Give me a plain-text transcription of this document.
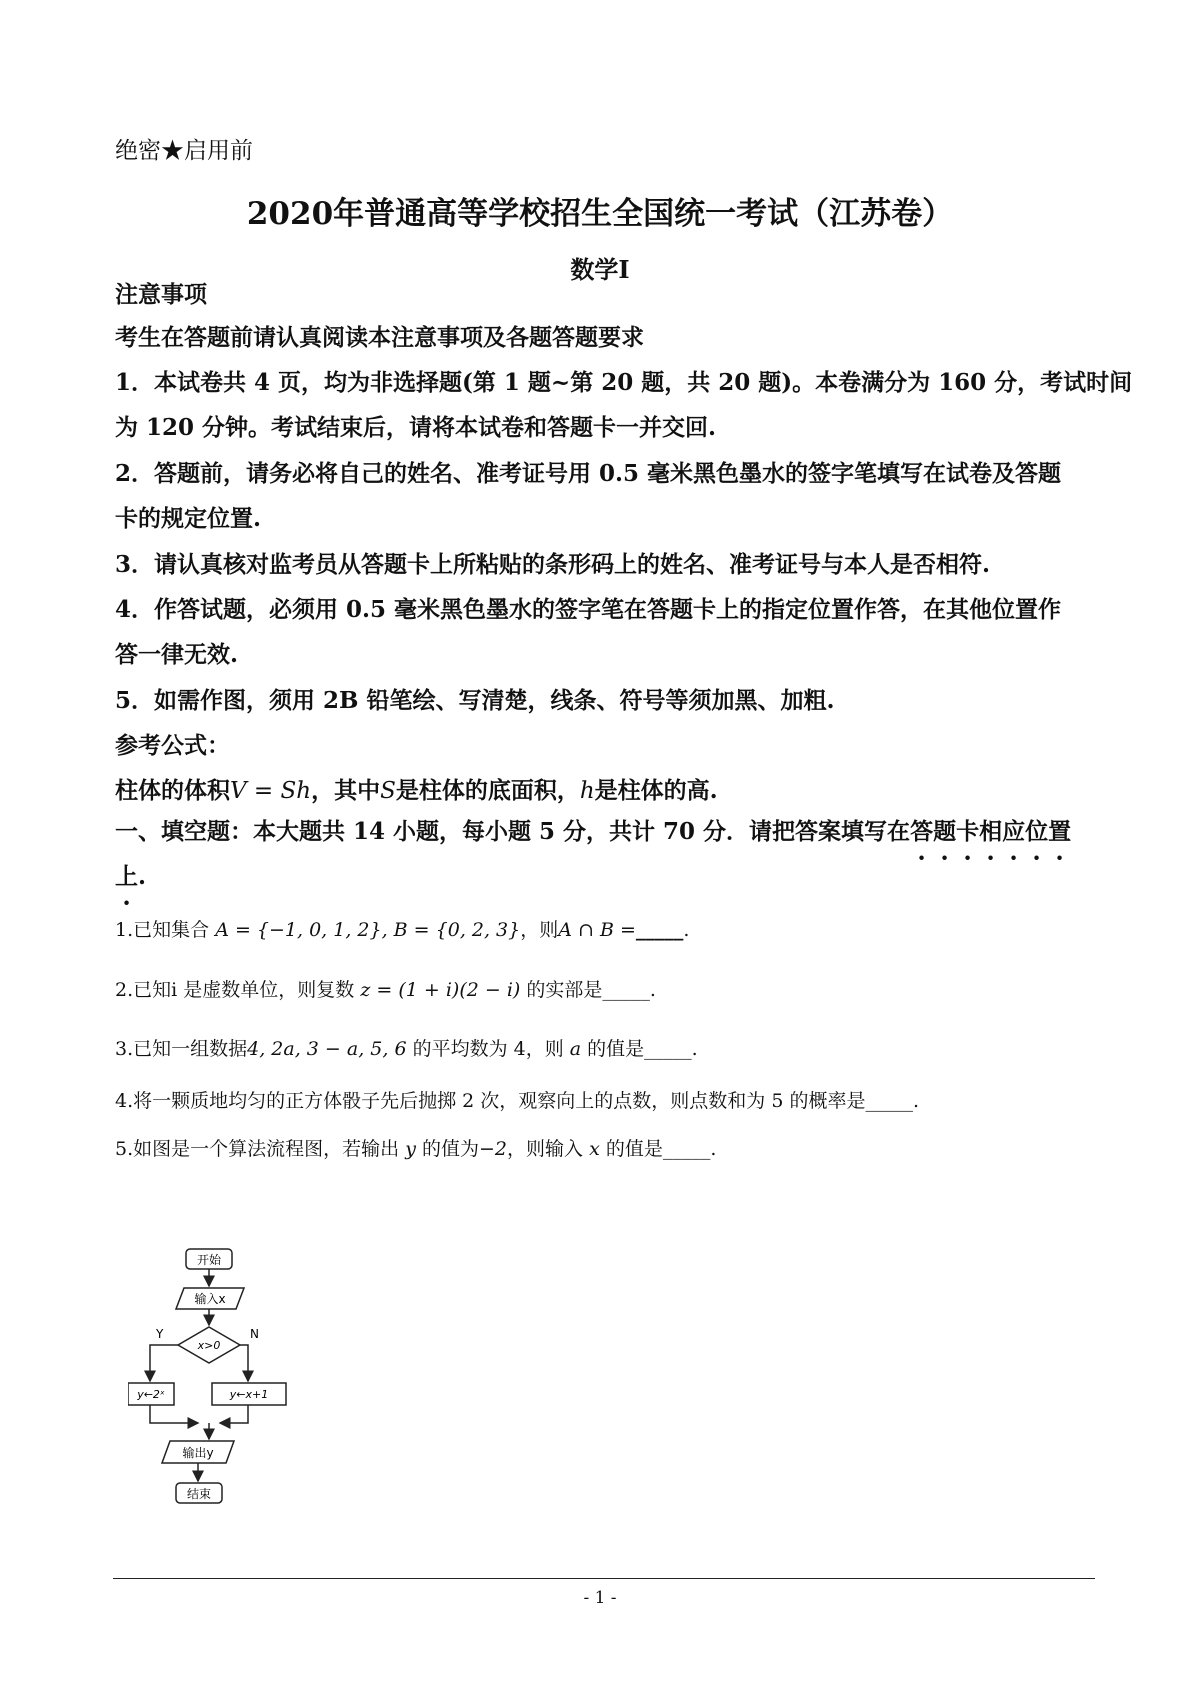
绝密★启用前
2020年普通高等学校招生全国统一考试（江苏卷）
数学Ⅰ
注意事项
考生在答题前请认真阅读本注意事项及各题答题要求
1．本试卷共 4 页，均为非选择题(第 1 题~第 20 题，共 20 题)。本卷满分为 160 分，考试时间
为 120 分钟。考试结束后，请将本试卷和答题卡一并交回.
2．答题前，请务必将自己的姓名、准考证号用 0.5 毫米黑色墨水的签字笔填写在试卷及答题
卡的规定位置.
3．请认真核对监考员从答题卡上所粘贴的条形码上的姓名、准考证号与本人是否相符.
4．作答试题，必须用 0.5 毫米黑色墨水的签字笔在答题卡上的指定位置作答，在其他位置作
答一律无效.
5．如需作图，须用 2B 铅笔绘、写清楚，线条、符号等须加黑、加粗.
参考公式：
柱体的体积V = Sh，其中S是柱体的底面积，h是柱体的高.
一、填空题：本大题共 14 小题，每小题 5 分，共计 70 分．请把答案填写在答题卡相应位置
上.
1.已知集合 A = {−1, 0, 1, 2}, B = {0, 2, 3}，则A ∩ B =_____.
2.已知i 是虚数单位，则复数 z = (1 + i)(2 − i) 的实部是_____.
3.已知一组数据4, 2a, 3 − a, 5, 6 的平均数为 4，则 a 的值是_____.
4.将一颗质地均匀的正方体骰子先后抛掷 2 次，观察向上的点数，则点数和为 5 的概率是_____.
5.如图是一个算法流程图，若输出 y 的值为−2，则输入 x 的值是_____.
开始
输入x
x>0
Y	N
y←2ˣ	y←x+1
输出y
结束
- 1 -
